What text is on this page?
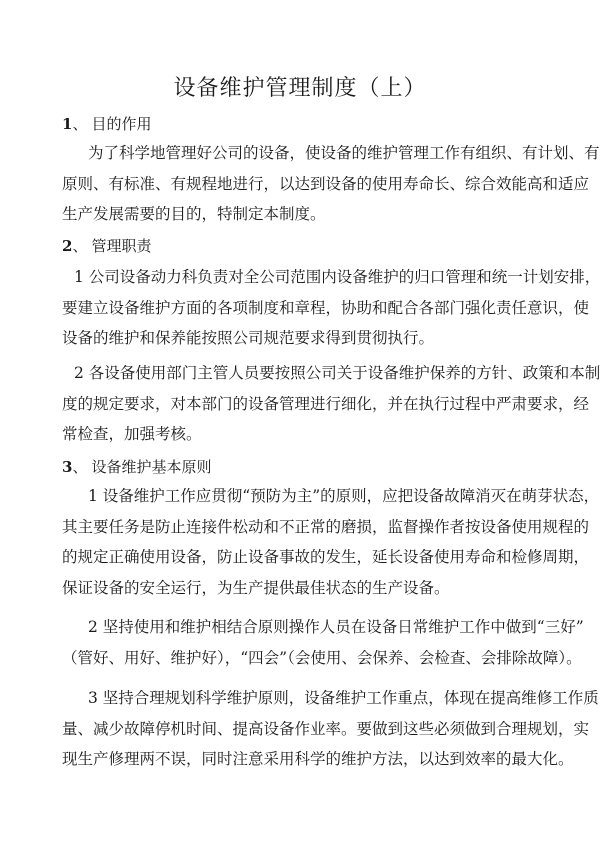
设备维护管理制度（上）
1、 目的作用
为了科学地管理好公司的设备，使设备的维护管理工作有组织、有计划、有
原则、有标准、有规程地进行，以达到设备的使用寿命长、综合效能高和适应
生产发展需要的目的，特制定本制度。
2、 管理职责
1 公司设备动力科负责对全公司范围内设备维护的归口管理和统一计划安排，
要建立设备维护方面的各项制度和章程，协助和配合各部门强化责任意识，使
设备的维护和保养能按照公司规范要求得到贯彻执行。
2 各设备使用部门主管人员要按照公司关于设备维护保养的方针、政策和本制
度的规定要求，对本部门的设备管理进行细化，并在执行过程中严肃要求，经
常检查，加强考核。
3、 设备维护基本原则
1 设备维护工作应贯彻“预防为主”的原则，应把设备故障消灭在萌芽状态，
其主要任务是防止连接件松动和不正常的磨损，监督操作者按设备使用规程的
的规定正确使用设备，防止设备事故的发生，延长设备使用寿命和检修周期，
保证设备的安全运行，为生产提供最佳状态的生产设备。
2 坚持使用和维护相结合原则操作人员在设备日常维护工作中做到“三好”
（管好、用好、维护好），“四会”（会使用、会保养、会检查、会排除故障）。
3 坚持合理规划科学维护原则，设备维护工作重点，体现在提高维修工作质
量、减少故障停机时间、提高设备作业率。要做到这些必须做到合理规划，实
现生产修理两不误，同时注意采用科学的维护方法，以达到效率的最大化。
